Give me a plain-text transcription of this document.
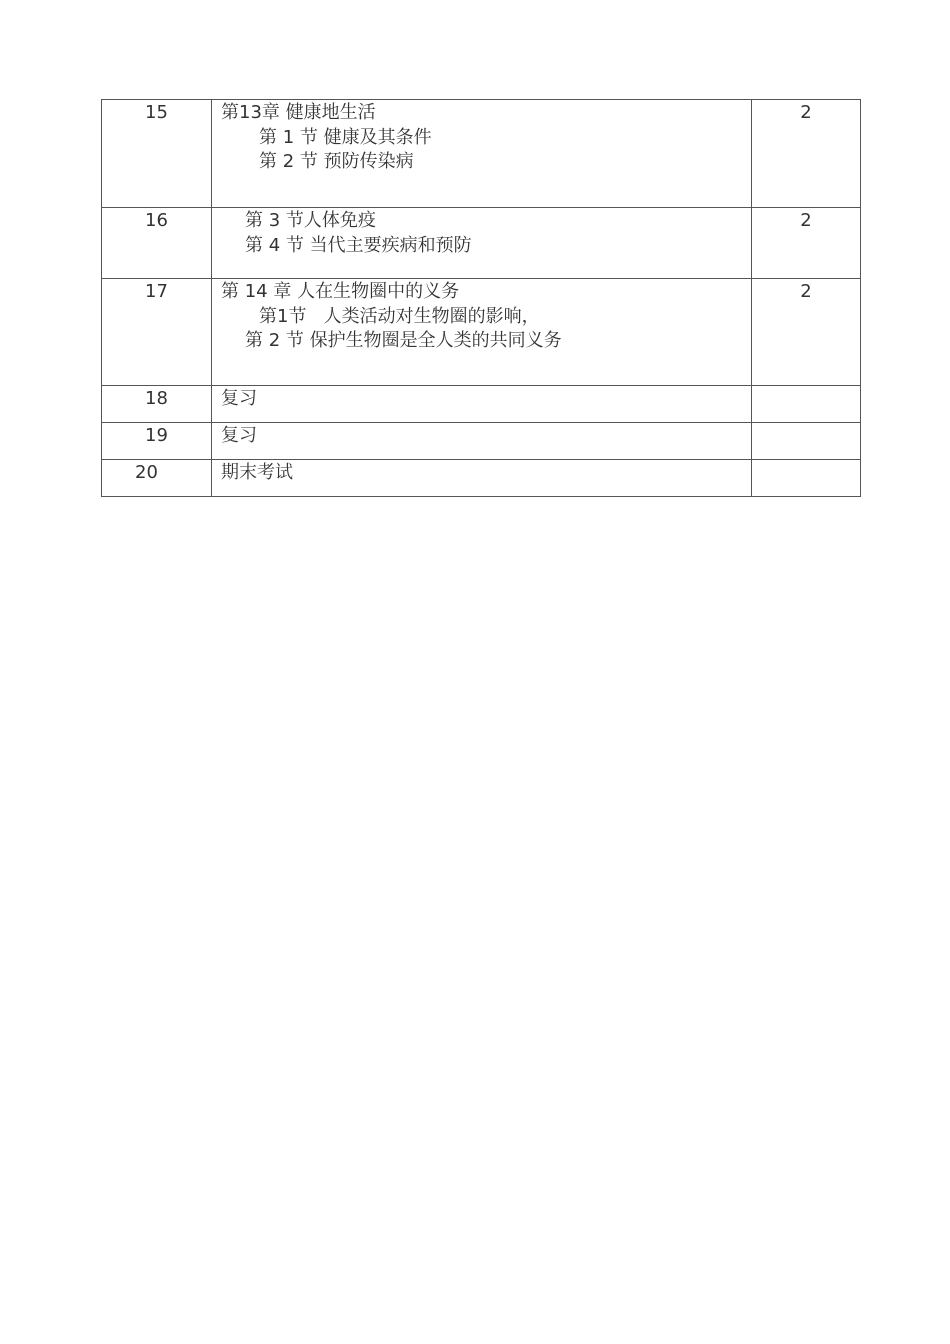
15	第13章 健康地生活
第 1 节 健康及其条件
第 2 节 预防传染病	2
16	第 3 节人体免疫
第 4 节 当代主要疾病和预防	2
17	第 14 章 人在生物圈中的义务
第1节   人类活动对生物圈的影响，
第 2 节 保护生物圈是全人类的共同义务	2
18	复习	

19	复习	

20	期末考试	
